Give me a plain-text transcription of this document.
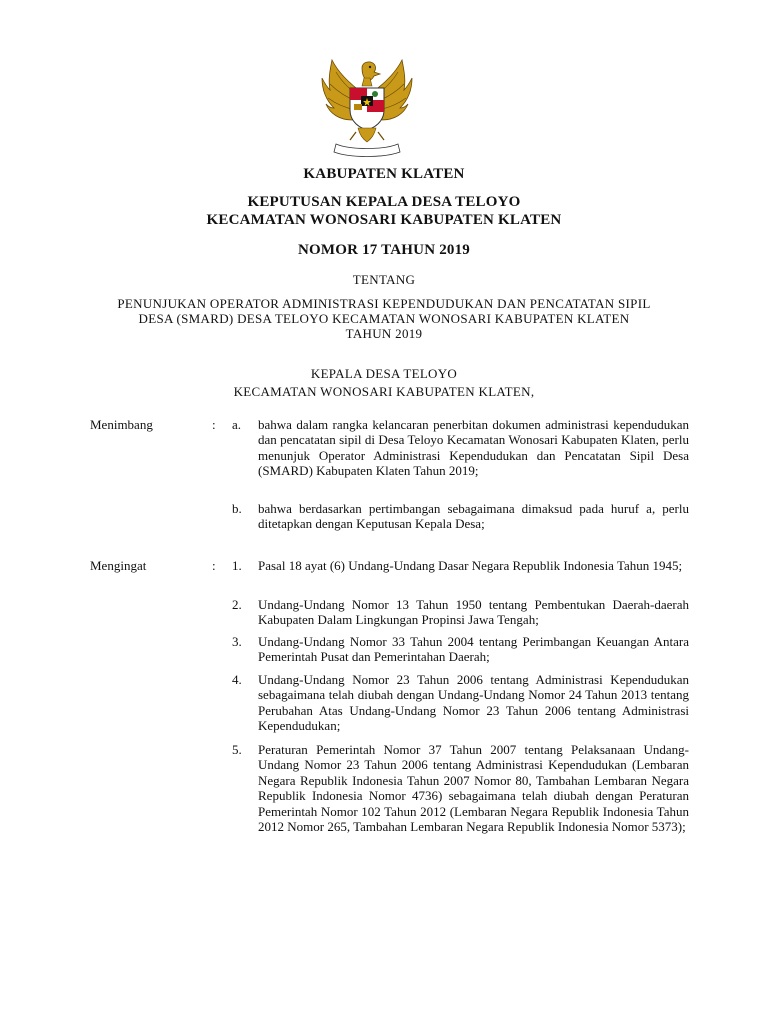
KABUPATEN KLATEN
KEPUTUSAN KEPALA DESA TELOYO
KECAMATAN WONOSARI KABUPATEN KLATEN
NOMOR 17 TAHUN 2019
TENTANG
PENUNJUKAN OPERATOR ADMINISTRASI KEPENDUDUKAN DAN PENCATATAN SIPIL
DESA (SMARD) DESA TELOYO KECAMATAN WONOSARI KABUPATEN KLATEN
TAHUN 2019
KEPALA DESA TELOYO
KECAMATAN WONOSARI KABUPATEN KLATEN,
Menimbang	: a.	bahwa dalam rangka kelancaran penerbitan dokumen administrasi kependudukan dan pencatatan sipil di Desa Teloyo Kecamatan Wonosari Kabupaten Klaten, perlu menunjuk Operator Administrasi Kependudukan dan Pencatatan Sipil Desa (SMARD) Kabupaten Klaten Tahun 2019;
b.	bahwa berdasarkan pertimbangan sebagaimana dimaksud pada huruf a, perlu ditetapkan dengan Keputusan Kepala Desa;
Mengingat	: 1.	Pasal 18 ayat (6) Undang-Undang Dasar Negara Republik Indonesia Tahun 1945;
2.	Undang-Undang Nomor 13 Tahun 1950 tentang Pembentukan Daerah-daerah Kabupaten Dalam Lingkungan Propinsi Jawa Tengah;
3.	Undang-Undang Nomor 33 Tahun 2004 tentang Perimbangan Keuangan Antara Pemerintah Pusat dan Pemerintahan Daerah;
4.	Undang-Undang Nomor 23 Tahun 2006 tentang Administrasi Kependudukan sebagaimana telah diubah dengan Undang-Undang Nomor 24 Tahun 2013 tentang Perubahan Atas Undang-Undang Nomor 23 Tahun 2006 tentang Administrasi Kependudukan;
5.	Peraturan Pemerintah Nomor 37 Tahun 2007 tentang Pelaksanaan Undang-Undang Nomor 23 Tahun 2006 tentang Administrasi Kependudukan (Lembaran Negara Republik Indonesia Tahun 2007 Nomor 80, Tambahan Lembaran Negara Republik Indonesia Nomor 4736) sebagaimana telah diubah dengan Peraturan Pemerintah Nomor 102 Tahun 2012 (Lembaran Negara Republik Indonesia Tahun 2012 Nomor 265, Tambahan Lembaran Negara Republik Indonesia Nomor 5373);
